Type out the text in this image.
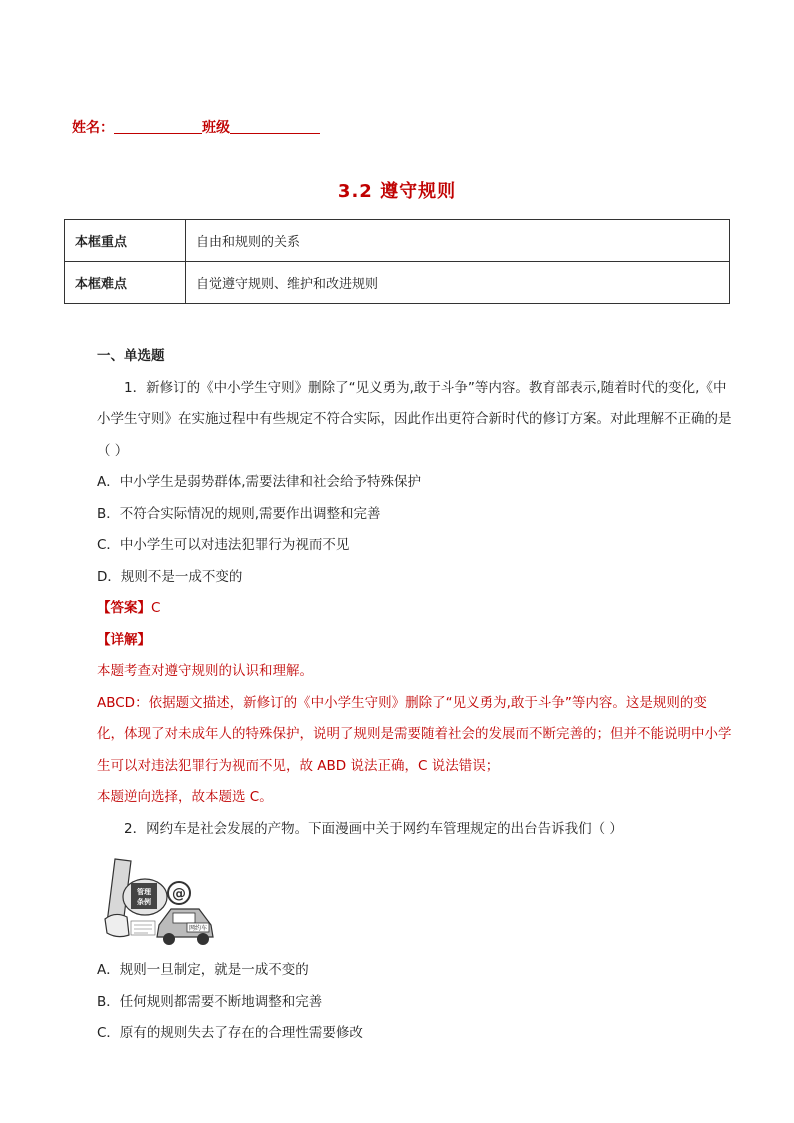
姓名：	班级
3.2 遵守规则
本框重点	自由和规则的关系
本框难点	自觉遵守规则、维护和改进规则

一、单选题

1．新修订的《中小学生守则》删除了“见义勇为,敢于斗争”等内容。教育部表示,随着时代的变化,《中小学生守则》在实施过程中有些规定不符合实际，因此作出更符合新时代的修订方案。对此理解不正确的是（ ）

A．中小学生是弱势群体,需要法律和社会给予特殊保护

B．不符合实际情况的规则,需要作出调整和完善

C．中小学生可以对违法犯罪行为视而不见

D．规则不是一成不变的

【答案】C

【详解】

本题考查对遵守规则的认识和理解。

ABCD：依据题文描述，新修订的《中小学生守则》删除了“见义勇为,敢于斗争”等内容。这是规则的变化，体现了对未成年人的特殊保护，说明了规则是需要随着社会的发展而不断完善的；但并不能说明中小学生可以对违法犯罪行为视而不见，故 ABD 说法正确，C 说法错误；

本题逆向选择，故本题选 C。

2．网约车是社会发展的产物。下面漫画中关于网约车管理规定的出台告诉我们（ ）

管理
条例 @
网约车

A．规则一旦制定，就是一成不变的

B．任何规则都需要不断地调整和完善

C．原有的规则失去了存在的合理性需要修改
